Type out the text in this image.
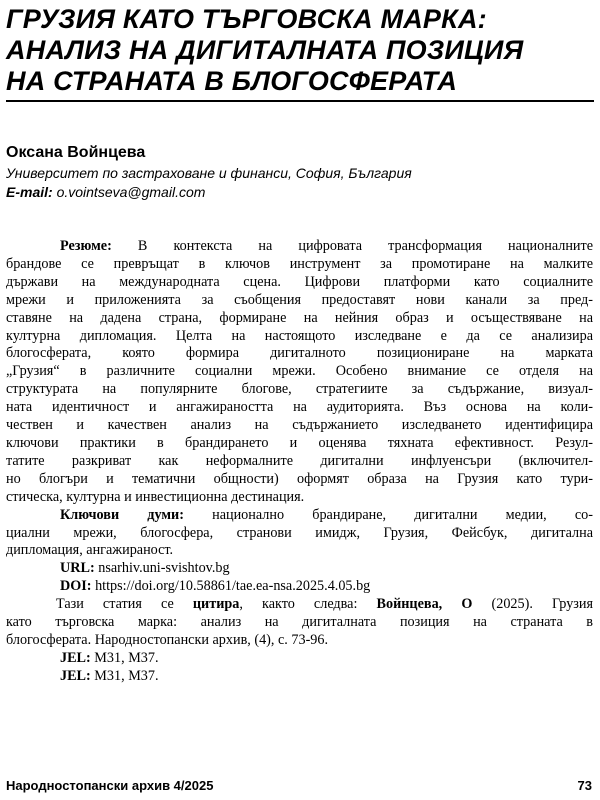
ГРУЗИЯ КАТО ТЪРГОВСКА МАРКА:
АНАЛИЗ НА ДИГИТАЛНАТА ПОЗИЦИЯ
НА СТРАНАТА В БЛОГОСФЕРАТА
Оксана Войнцева
Университет по застраховане и финанси, София, България
E-mail: o.vointseva@gmail.com
Резюме: В контекста на цифровата трансформация националните
брандове се превръщат в ключов инструмент за промотиране на малките
държави на международната сцена. Цифрови платформи като социалните
мрежи и приложенията за съобщения предоставят нови канали за пред-
ставяне на дадена страна, формиране на нейния образ и осъществяване на
културна дипломация. Целта на настоящото изследване е да се анализира
блогосферата, която формира дигиталното позициониране на марката
„Грузия“ в различните социални мрежи. Особено внимание се отделя на
структурата на популярните блогове, стратегиите за съдържание, визуал-
ната идентичност и ангажираността на аудиторията. Въз основа на коли-
чествен и качествен анализ на съдържанието изследването идентифицира
ключови практики в брандирането и оценява тяхната ефективност. Резул-
татите разкриват как неформалните дигитални инфлуенсъри (включител-
но блогъри и тематични общности) оформят образа на Грузия като тури-
стическа, културна и инвестиционна дестинация.
Ключови думи: национално брандиране, дигитални медии, со-
циални мрежи, блогосфера, странови имидж, Грузия, Фейсбук, дигитална
дипломация, ангажираност.
URL: nsarhiv.uni-svishtov.bg
DOI: https://doi.org/10.58861/tae.ea-nsa.2025.4.05.bg
Тази статия се цитира, както следва: Войнцева, О (2025). Грузия
като търговска марка: анализ на дигиталната позиция на страната в
блогосферата. Народностопански архив, (4), с. 73-96.
JEL: M31, M37.
JEL: M31, M37.
Народностопански архив 4/2025	73
